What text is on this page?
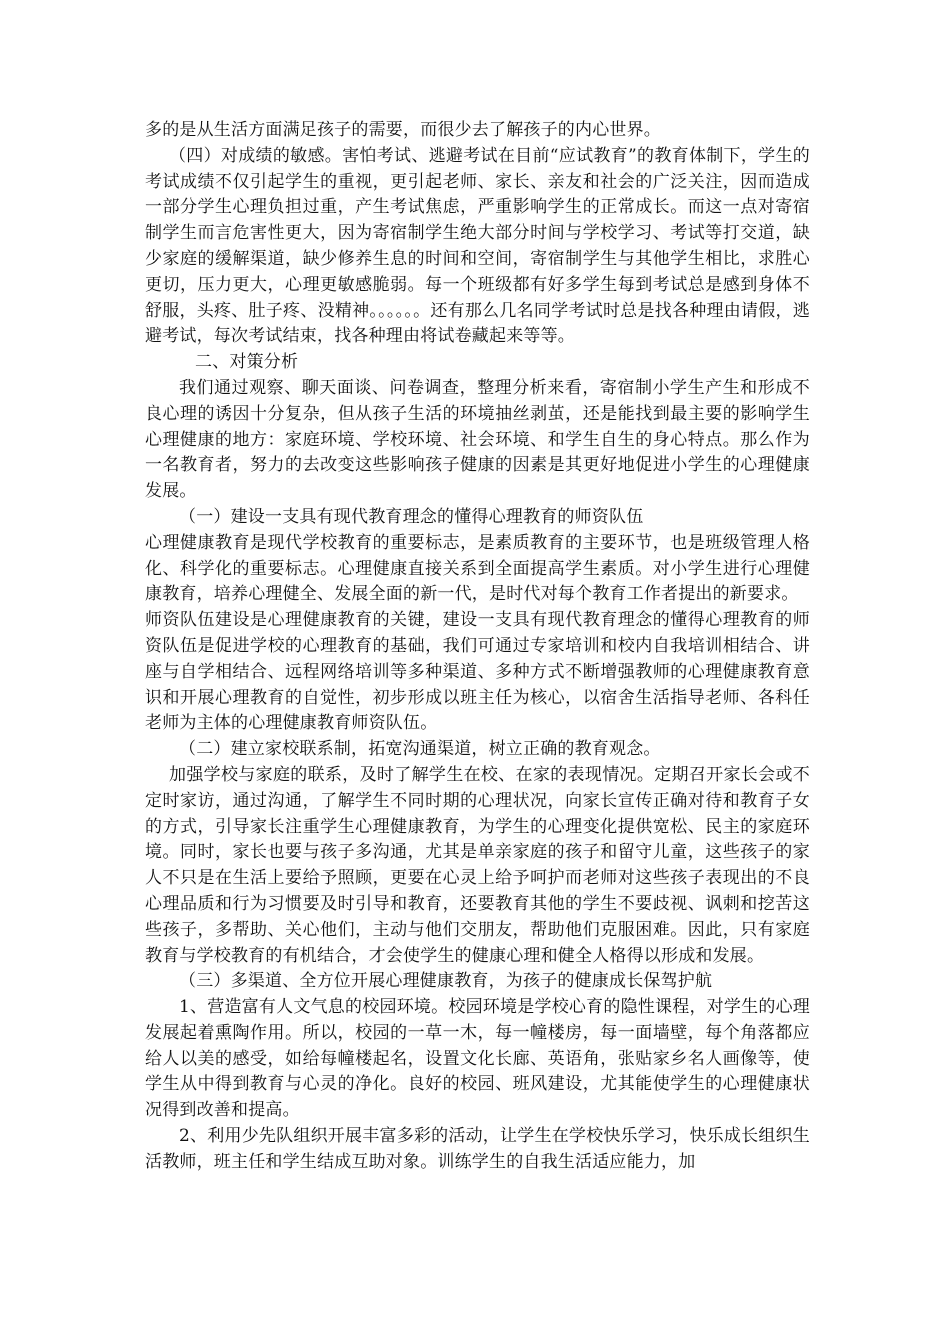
多的是从生活方面满足孩子的需要，而很少去了解孩子的内心世界。

（四）对成绩的敏感。害怕考试、逃避考试在目前“应试教育”的教育体制下，学生的考试成绩不仅引起学生的重视，更引起老师、家长、亲友和社会的广泛关注，因而造成一部分学生心理负担过重，产生考试焦虑，严重影响学生的正常成长。而这一点对寄宿制学生而言危害性更大，因为寄宿制学生绝大部分时间与学校学习、考试等打交道，缺少家庭的缓解渠道，缺少修养生息的时间和空间，寄宿制学生与其他学生相比，求胜心更切，压力更大，心理更敏感脆弱。每一个班级都有好多学生每到考试总是感到身体不舒服，头疼、肚子疼、没精神。。。。。。还有那么几名同学考试时总是找各种理由请假，逃避考试，每次考试结束，找各种理由将试卷藏起来等等。

二、对策分析

我们通过观察、聊天面谈、问卷调查，整理分析来看，寄宿制小学生产生和形成不良心理的诱因十分复杂，但从孩子生活的环境抽丝剥茧，还是能找到最主要的影响学生心理健康的地方：家庭环境、学校环境、社会环境、和学生自生的身心特点。那么作为一名教育者，努力的去改变这些影响孩子健康的因素是其更好地促进小学生的心理健康发展。

（一）建设一支具有现代教育理念的懂得心理教育的师资队伍

心理健康教育是现代学校教育的重要标志，是素质教育的主要环节，也是班级管理人格化、科学化的重要标志。心理健康直接关系到全面提高学生素质。对小学生进行心理健康教育，培养心理健全、发展全面的新一代，是时代对每个教育工作者提出的新要求。

师资队伍建设是心理健康教育的关键，建设一支具有现代教育理念的懂得心理教育的师资队伍是促进学校的心理教育的基础，我们可通过专家培训和校内自我培训相结合、讲座与自学相结合、远程网络培训等多种渠道、多种方式不断增强教师的心理健康教育意识和开展心理教育的自觉性，初步形成以班主任为核心，以宿舍生活指导老师、各科任老师为主体的心理健康教育师资队伍。

（二）建立家校联系制，拓宽沟通渠道，树立正确的教育观念。

加强学校与家庭的联系，及时了解学生在校、在家的表现情况。定期召开家长会或不定时家访，通过沟通，了解学生不同时期的心理状况，向家长宣传正确对待和教育子女的方式，引导家长注重学生心理健康教育，为学生的心理变化提供宽松、民主的家庭环境。同时，家长也要与孩子多沟通，尤其是单亲家庭的孩子和留守儿童，这些孩子的家人不只是在生活上要给予照顾，更要在心灵上给予呵护而老师对这些孩子表现出的不良心理品质和行为习惯要及时引导和教育，还要教育其他的学生不要歧视、讽刺和挖苦这些孩子，多帮助、关心他们，主动与他们交朋友，帮助他们克服困难。因此，只有家庭教育与学校教育的有机结合，才会使学生的健康心理和健全人格得以形成和发展。

（三）多渠道、全方位开展心理健康教育，为孩子的健康成长保驾护航

1、营造富有人文气息的校园环境。校园环境是学校心育的隐性课程，对学生的心理发展起着熏陶作用。所以，校园的一草一木，每一幢楼房，每一面墙壁，每个角落都应给人以美的感受，如给每幢楼起名，设置文化长廊、英语角，张贴家乡名人画像等，使学生从中得到教育与心灵的净化。良好的校园、班风建设，尤其能使学生的心理健康状况得到改善和提高。

2、利用少先队组织开展丰富多彩的活动，让学生在学校快乐学习，快乐成长组织生活教师，班主任和学生结成互助对象。训练学生的自我生活适应能力，加
